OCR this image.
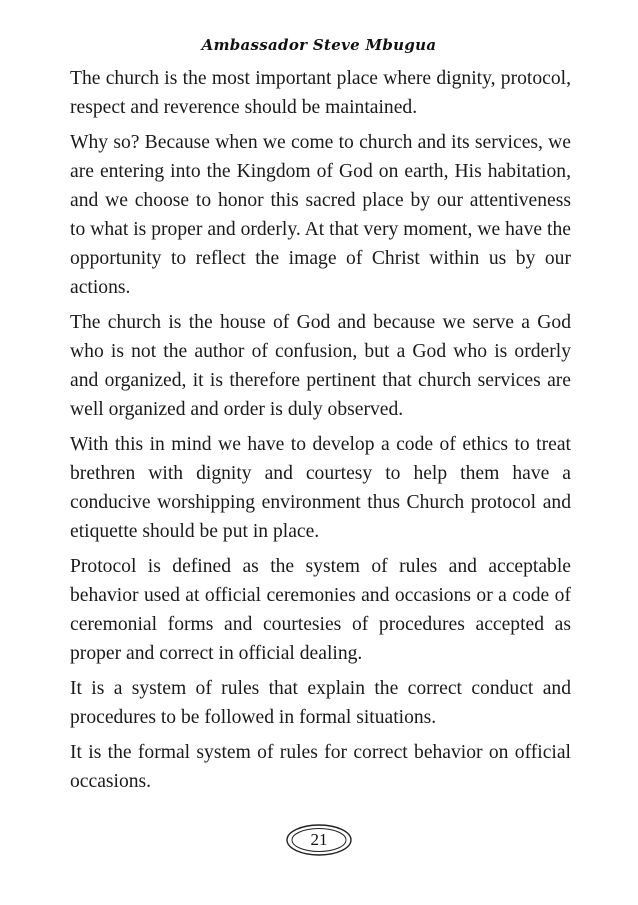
Ambassador Steve Mbugua

The church is the most important place where dignity, protocol, respect and reverence should be maintained.

Why so? Because when we come to church and its services, we are entering into the Kingdom of God on earth, His habitation, and we choose to honor this sacred place by our attentiveness to what is proper and orderly. At that very moment, we have the opportunity to reflect the image of Christ within us by our actions.

The church is the house of God and because we serve a God who is not the author of confusion, but a God who is orderly and organized, it is therefore pertinent that church services are well organized and order is duly observed.

With this in mind we have to develop a code of ethics to treat brethren with dignity and courtesy to help them have a conducive worshipping environment thus Church protocol and etiquette should be put in place.

Protocol is defined as the system of rules and acceptable behavior used at official ceremonies and occasions or a code of ceremonial forms and courtesies of procedures accepted as proper and correct in official dealing.

It is a system of rules that explain the correct conduct and procedures to be followed in formal situations.

It is the formal system of rules for correct behavior on official occasions.

21
